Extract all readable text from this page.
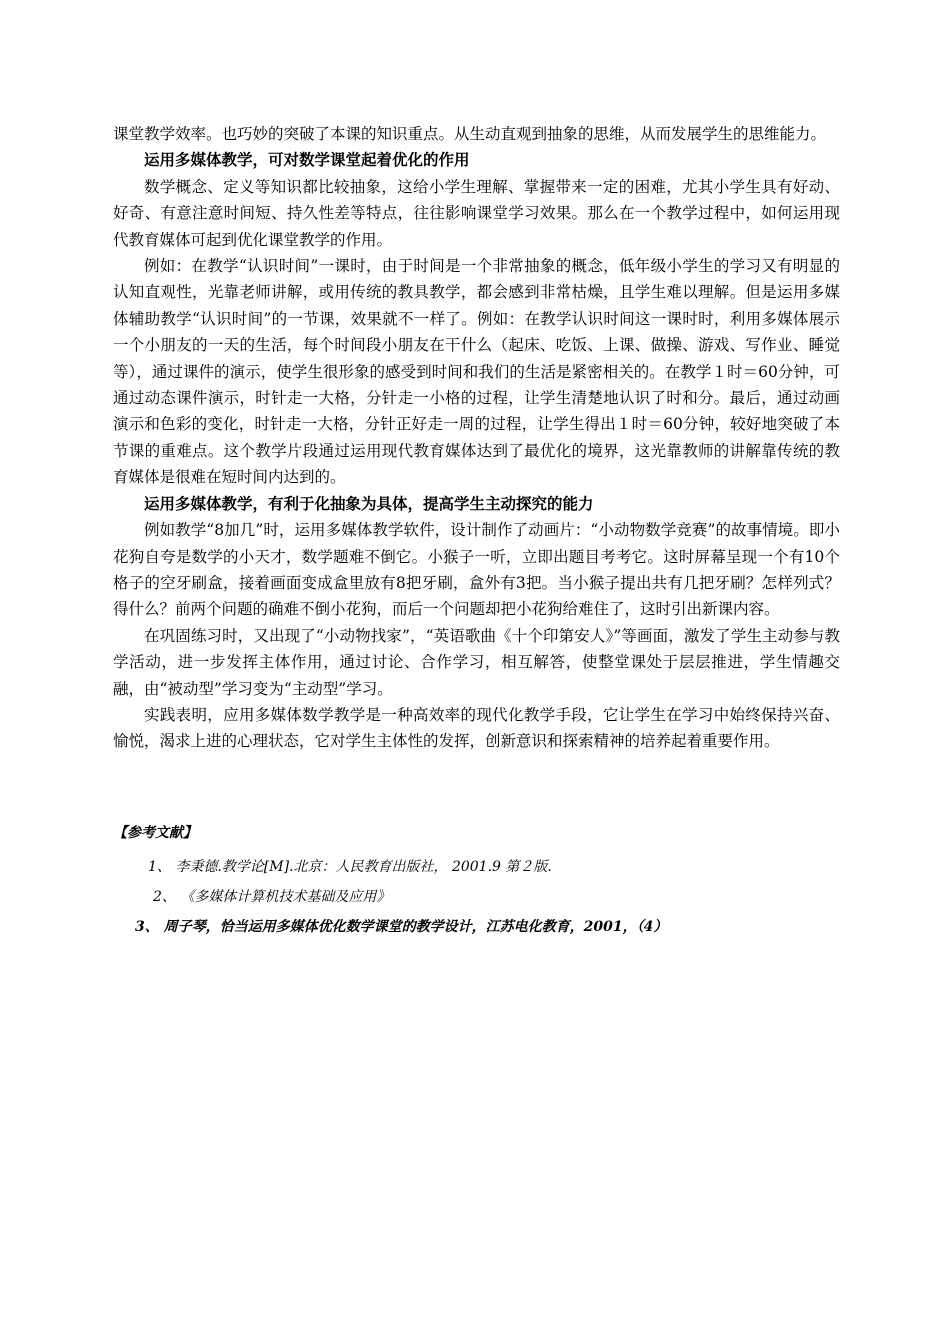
课堂教学效率。也巧妙的突破了本课的知识重点。从生动直观到抽象的思维，从而发展学生的思维能力。

运用多媒体教学，可对数学课堂起着优化的作用

数学概念、定义等知识都比较抽象，这给小学生理解、掌握带来一定的困难，尤其小学生具有好动、好奇、有意注意时间短、持久性差等特点，往往影响课堂学习效果。那么在一个教学过程中，如何运用现代教育媒体可起到优化课堂教学的作用。

例如：在教学“认识时间”一课时，由于时间是一个非常抽象的概念，低年级小学生的学习又有明显的认知直观性，光靠老师讲解，或用传统的教具教学，都会感到非常枯燥，且学生难以理解。但是运用多媒体辅助教学“认识时间”的一节课，效果就不一样了。例如：在教学认识时间这一课时时，利用多媒体展示一个小朋友的一天的生活，每个时间段小朋友在干什么（起床、吃饭、上课、做操、游戏、写作业、睡觉等），通过课件的演示，使学生很形象的感受到时间和我们的生活是紧密相关的。在教学１时＝60分钟，可通过动态课件演示，时针走一大格，分针走一小格的过程，让学生清楚地认识了时和分。最后，通过动画演示和色彩的变化，时针走一大格，分针正好走一周的过程，让学生得出１时＝60分钟，较好地突破了本节课的重难点。这个教学片段通过运用现代教育媒体达到了最优化的境界，这光靠教师的讲解靠传统的教育媒体是很难在短时间内达到的。

运用多媒体教学，有利于化抽象为具体，提高学生主动探究的能力

例如教学“8加几”时，运用多媒体教学软件，设计制作了动画片：“小动物数学竞赛”的故事情境。即小花狗自夸是数学的小天才，数学题难不倒它。小猴子一听，立即出题目考考它。这时屏幕呈现一个有10个格子的空牙刷盒，接着画面变成盒里放有8把牙刷，盒外有3把。当小猴子提出共有几把牙刷？怎样列式？得什么？前两个问题的确难不倒小花狗，而后一个问题却把小花狗给难住了，这时引出新课内容。

在巩固练习时，又出现了“小动物找家”，“英语歌曲《十个印第安人》”等画面，激发了学生主动参与教学活动，进一步发挥主体作用，通过讨论、合作学习，相互解答，使整堂课处于层层推进，学生情趣交融，由“被动型”学习变为“主动型”学习。

实践表明，应用多媒体数学教学是一种高效率的现代化教学手段，它让学生在学习中始终保持兴奋、愉悦，渴求上进的心理状态，它对学生主体性的发挥，创新意识和探索精神的培养起着重要作用。

【参考文献】

1、 李秉德.教学论[M].北京：人民教育出版社， 2001.9 第２版.

2、 《多媒体计算机技术基础及应用》

3、 周子琴，恰当运用多媒体优化数学课堂的教学设计，江苏电化教育，2001，（4）
